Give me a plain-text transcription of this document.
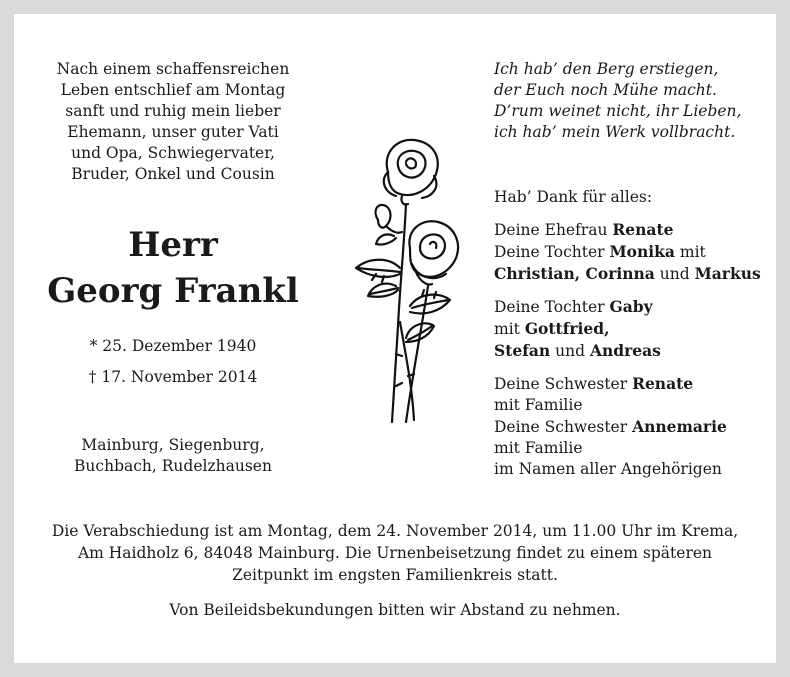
Nach einem schaffensreichen
Leben entschlief am Montag
sanft und ruhig mein lieber
Ehemann, unser guter Vati
und Opa, Schwiegervater,
Bruder, Onkel und Cousin
Herr
Georg Frankl
* 25. Dezember 1940
† 17. November 2014
Mainburg, Siegenburg,
Buchbach, Rudelzhausen
Ich hab’ den Berg erstiegen,
der Euch noch Mühe macht.
D’rum weinet nicht, ihr Lieben,
ich hab’ mein Werk vollbracht.
Hab’ Dank für alles:
Deine Ehefrau Renate
Deine Tochter Monika mit
Christian, Corinna und Markus
Deine Tochter Gaby
mit Gottfried,
Stefan und Andreas
Deine Schwester Renate
mit Familie
Deine Schwester Annemarie
mit Familie
im Namen aller Angehörigen
Die Verabschiedung ist am Montag, dem 24. November 2014, um 11.00 Uhr im Krema,
Am Haidholz 6, 84048 Mainburg. Die Urnenbeisetzung findet zu einem späteren
Zeitpunkt im engsten Familienkreis statt.
Von Beileidsbekundungen bitten wir Abstand zu nehmen.
